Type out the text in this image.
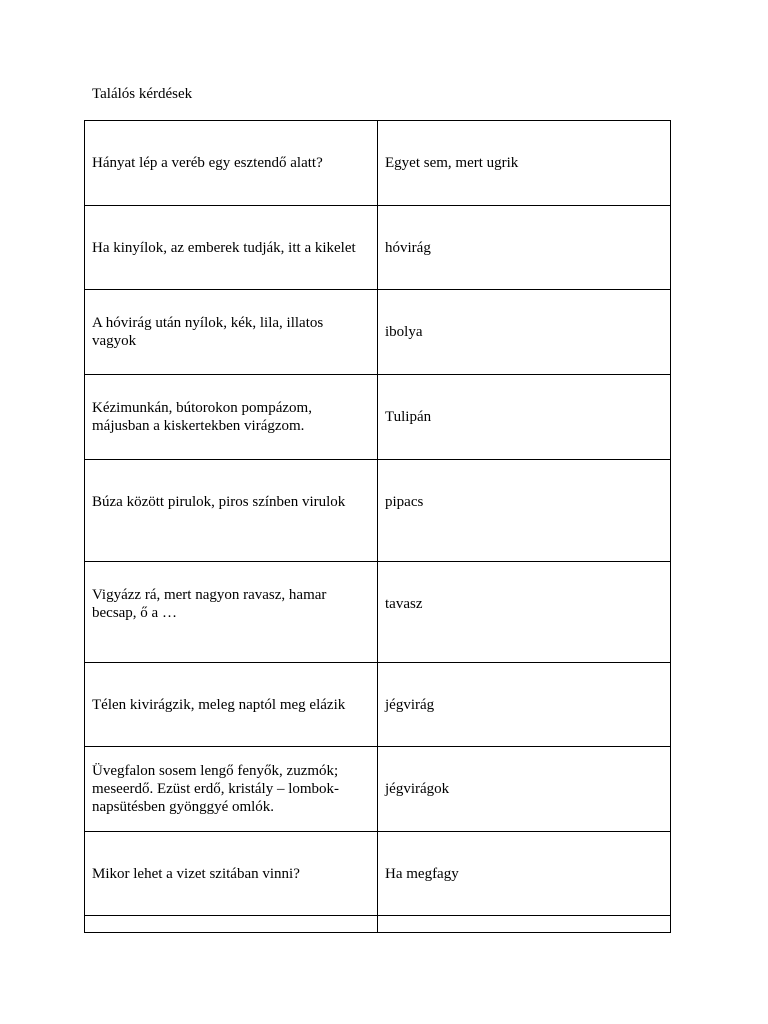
Találós kérdések
Hányat lép a veréb egy esztendő alatt?	Egyet sem, mert ugrik

Ha kinyílok, az emberek tudják, itt a kikelet	hóvirág

A hóvirág után nyílok, kék, lila, illatos vagyok	ibolya

Kézimunkán, bútorokon pompázom, májusban a kiskertekben virágzom.	Tulipán

Búza között pirulok, piros színben virulok	pipacs

Vigyázz rá, mert nagyon ravasz, hamar becsap, ő a …	tavasz

Télen kivirágzik, meleg naptól meg elázik	jégvirág

Üvegfalon sosem lengő fenyők, zuzmók; meseerdő. Ezüst erdő, kristály – lombok-napsütésben gyönggyé omlók.	jégvirágok

Mikor lehet a vizet szitában vinni?	Ha megfagy
